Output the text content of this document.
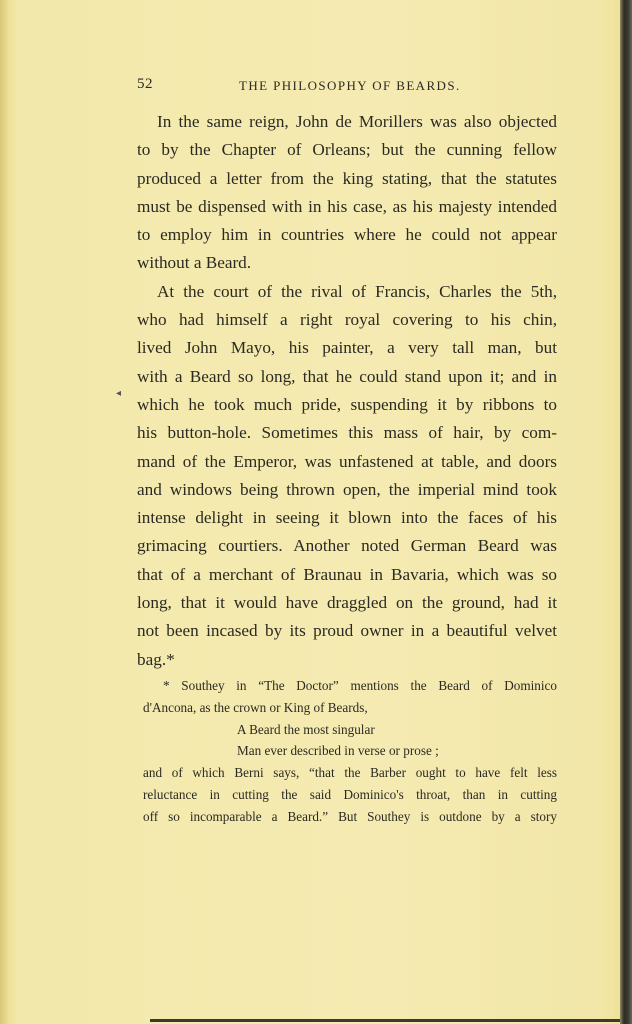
52	THE PHILOSOPHY OF BEARDS.
◂
In the same reign, John de Morillers was also objected
to by the Chapter of Orleans; but the cunning fellow
produced a letter from the king stating, that the statutes
must be dispensed with in his case, as his majesty intended
to employ him in countries where he could not appear
without a Beard.
At the court of the rival of Francis, Charles the 5th,
who had himself a right royal covering to his chin,
lived John Mayo, his painter, a very tall man, but
with a Beard so long, that he could stand upon it; and in
which he took much pride, suspending it by ribbons to
his button-hole. Sometimes this mass of hair, by com-
mand of the Emperor, was unfastened at table, and doors
and windows being thrown open, the imperial mind took
intense delight in seeing it blown into the faces of his
grimacing courtiers. Another noted German Beard was
that of a merchant of Braunau in Bavaria, which was so
long, that it would have draggled on the ground, had it
not been incased by its proud owner in a beautiful velvet
bag.*
* Southey in “The Doctor” mentions the Beard of Dominico
d'Ancona, as the crown or King of Beards,
A Beard the most singular
Man ever described in verse or prose ;
and of which Berni says, “that the Barber ought to have felt less
reluctance in cutting the said Dominico's throat, than in cutting
off so incomparable a Beard.” But Southey is outdone by a story
